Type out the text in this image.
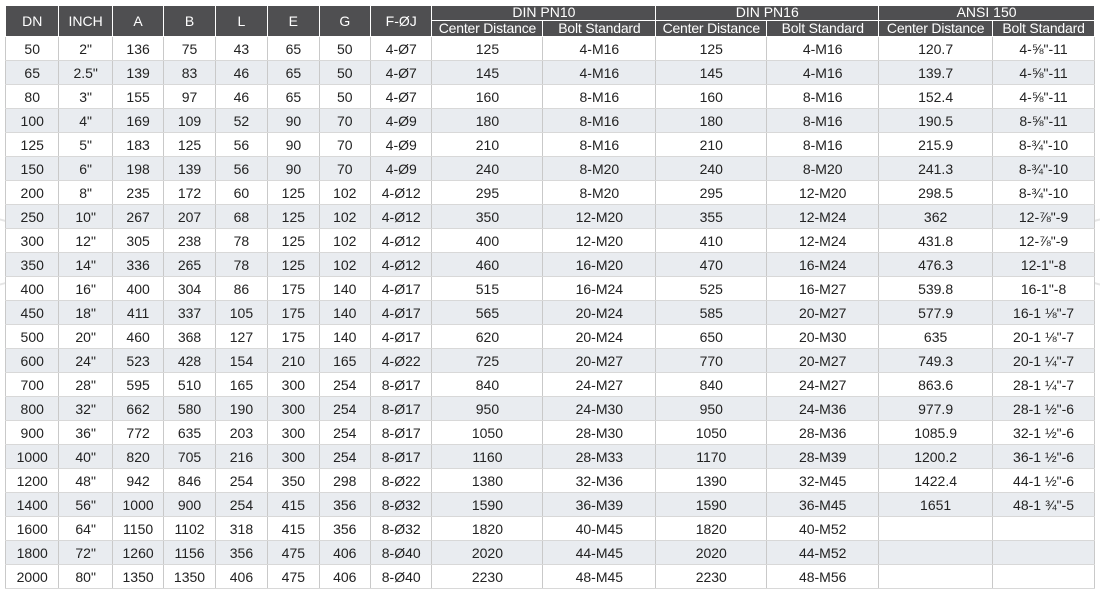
DN	INCH	A	B	L	E	G	F-ØJ	DIN PN10		DIN PN16		ANSI 150	
								Center Distance	Bolt Standard	Center Distance	Bolt Standard	Center Distance	Bolt Standard
50	2"	136	75	43	65	50	4-Ø7	125	4-M16	125	4-M16	120.7	4-⅝"-11
65	2.5"	139	83	46	65	50	4-Ø7	145	4-M16	145	4-M16	139.7	4-⅝"-11
80	3"	155	97	46	65	50	4-Ø7	160	8-M16	160	8-M16	152.4	4-⅝"-11
100	4"	169	109	52	90	70	4-Ø9	180	8-M16	180	8-M16	190.5	8-⅝"-11
125	5"	183	125	56	90	70	4-Ø9	210	8-M16	210	8-M16	215.9	8-¾"-10
150	6"	198	139	56	90	70	4-Ø9	240	8-M20	240	8-M20	241.3	8-¾"-10
200	8"	235	172	60	125	102	4-Ø12	295	8-M20	295	12-M20	298.5	8-¾"-10
250	10"	267	207	68	125	102	4-Ø12	350	12-M20	355	12-M24	362	12-⅞"-9
300	12"	305	238	78	125	102	4-Ø12	400	12-M20	410	12-M24	431.8	12-⅞"-9
350	14"	336	265	78	125	102	4-Ø12	460	16-M20	470	16-M24	476.3	12-1"-8
400	16"	400	304	86	175	140	4-Ø17	515	16-M24	525	16-M27	539.8	16-1"-8
450	18"	411	337	105	175	140	4-Ø17	565	20-M24	585	20-M27	577.9	16-1 ⅛"-7
500	20"	460	368	127	175	140	4-Ø17	620	20-M24	650	20-M30	635	20-1 ⅛"-7
600	24"	523	428	154	210	165	4-Ø22	725	20-M27	770	20-M27	749.3	20-1 ¼"-7
700	28"	595	510	165	300	254	8-Ø17	840	24-M27	840	24-M27	863.6	28-1 ¼"-7
800	32"	662	580	190	300	254	8-Ø17	950	24-M30	950	24-M36	977.9	28-1 ½"-6
900	36"	772	635	203	300	254	8-Ø17	1050	28-M30	1050	28-M36	1085.9	32-1 ½"-6
1000	40"	820	705	216	300	254	8-Ø17	1160	28-M33	1170	28-M39	1200.2	36-1 ½"-6
1200	48"	942	846	254	350	298	8-Ø22	1380	32-M36	1390	32-M45	1422.4	44-1 ½"-6
1400	56"	1000	900	254	415	356	8-Ø32	1590	36-M39	1590	36-M45	1651	48-1 ¾"-5
1600	64"	1150	1102	318	415	356	8-Ø32	1820	40-M45	1820	40-M52		
1800	72"	1260	1156	356	475	406	8-Ø40	2020	44-M45	2020	44-M52		
2000	80"	1350	1350	406	475	406	8-Ø40	2230	48-M45	2230	48-M56		
